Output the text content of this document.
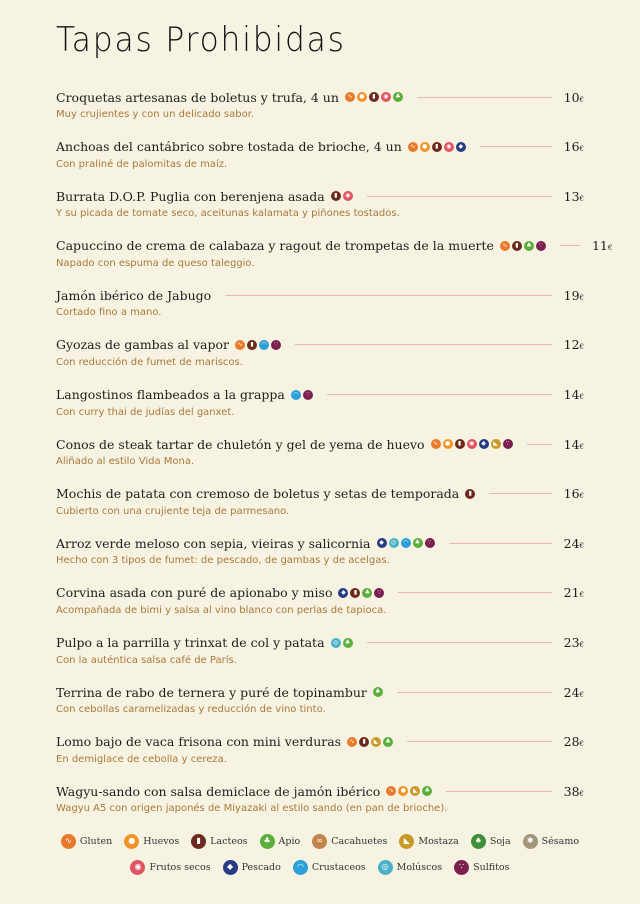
Tapas Prohibidas
Croquetas artesanas de boletus y trufa, 4 un	∿	●	▮	◉	♣	10€
Muy crujientes y con un delicado sabor.
Anchoas del cantábrico sobre tostada de brioche, 4 un	∿	●	▮	◉	◆	16€
Con praliné de palomitas de maíz.
Burrata D.O.P. Puglia con berenjena asada	▮	◉	13€
Y su picada de tomate seco, aceitunas kalamata y piñones tostados.
Capuccino de crema de calabaza y ragout de trompetas de la muerte	∿	▮	♣	∵	11€
Napado con espuma de queso taleggio.
Jamón ibérico de Jabugo	19€
Cortado fino a mano.
Gyozas de gambas al vapor	∿	▮	◠	∵	12€
Con reducción de fumet de mariscos.
Langostinos flambeados a la grappa	◠	∵	14€
Con curry thai de judías del ganxet.
Conos de steak tartar de chuletón y gel de yema de huevo	∿	●	▮	◉	◆	◣	∵	14€
Aliñado al estilo Vida Mona.
Mochis de patata con cremoso de boletus y setas de temporada	▮	16€
Cubierto con una crujiente teja de parmesano.
Arroz verde meloso con sepia, vieiras y salicornia	◆	◎	◠	♣	∵	24€
Hecho con 3 tipos de fumet: de pescado, de gambas y de acelgas.
Corvina asada con puré de apionabo y miso	◆	▮	♣	∵	21€
Acompañada de bimi y salsa al vino blanco con perlas de tapioca.
Pulpo a la parrilla y trinxat de col y patata	◎	♣	23€
Con la auténtica salsa café de París.
Terrina de rabo de ternera y puré de topinambur	♣	24€
Con cebollas caramelizadas y reducción de vino tinto.
Lomo bajo de vaca frisona con mini verduras	∿	▮	◣	♣	28€
En demiglace de cebolla y cereza.
Wagyu-sando con salsa demiclace de jamón ibérico	∿	●	◣	♣	38€
Wagyu A5 con origen japonés de Miyazaki al estilo sando (en pan de brioche).
∿ Gluten	● Huevos	▮ Lacteos	♣ Apio	∞ Cacahuetes	◣ Mostaza	♠ Soja	✱ Sésamo
◉ Frutos secos	◆ Pescado	◠ Crustaceos	◎ Molúscos	∵ Sulfitos
